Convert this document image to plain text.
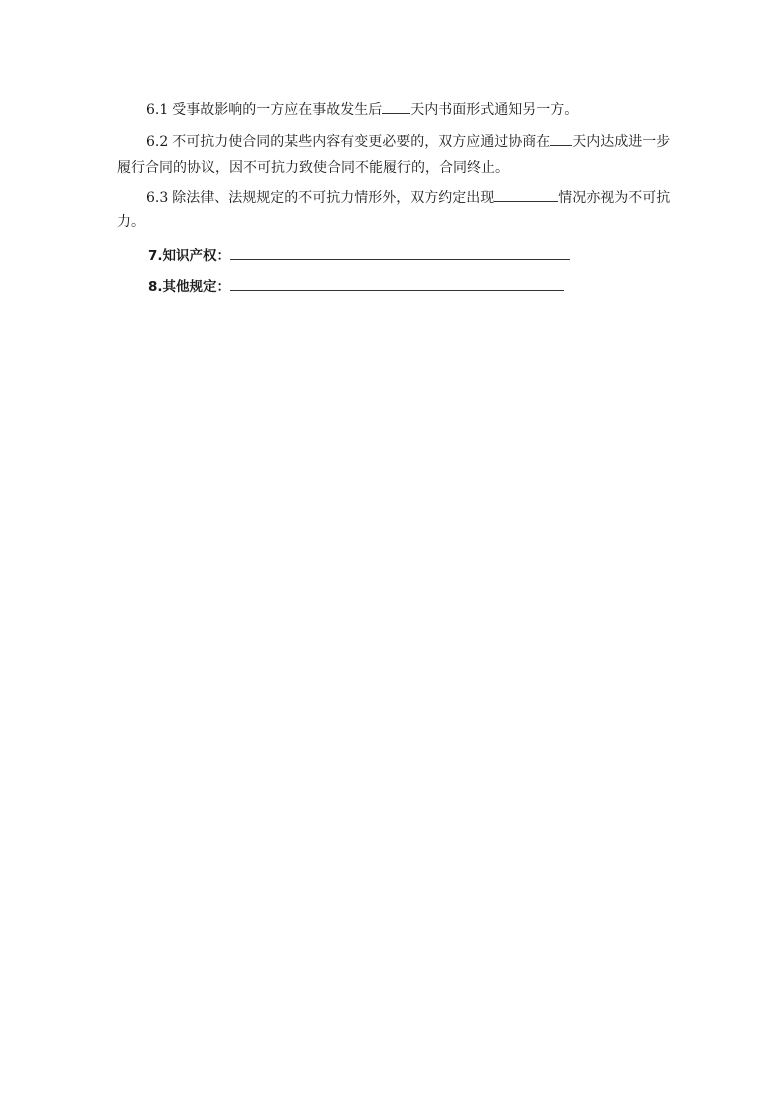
6.1 受事故影响的一方应在事故发生后 天内书面形式通知另一方。
6.2 不可抗力使合同的某些内容有变更必要的，双方应通过协商在 天内达成进一步
履行合同的协议，因不可抗力致使合同不能履行的，合同终止。
6.3 除法律、法规规定的不可抗力情形外，双方约定出现	情况亦视为不可抗
力。
7.知识产权：
8.其他规定：
